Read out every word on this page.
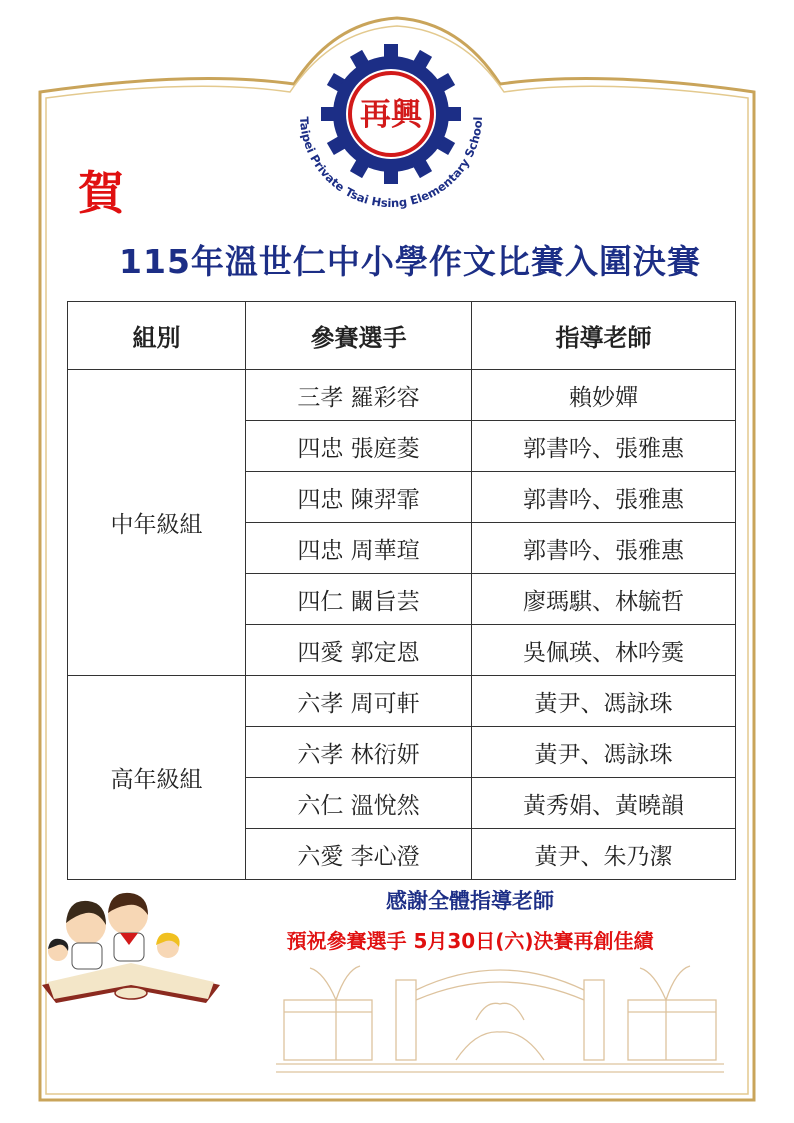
再興
Taipei Private Tsai Hsing Elementary School
賀
115年溫世仁中小學作文比賽入圍決賽
組別	參賽選手	指導老師
中年級組	三孝 羅彩容	賴妙嬋
	四忠 張庭菱	郭書吟、張雅惠
	四忠 陳羿霏	郭書吟、張雅惠
	四忠 周華瑄	郭書吟、張雅惠
	四仁 闞旨芸	廖瑪騏、林毓哲
	四愛 郭定恩	吳佩瑛、林吟霙
高年級組	六孝 周可軒	黃尹、馮詠珠
	六孝 林衍妍	黃尹、馮詠珠
	六仁 溫悅然	黃秀娟、黃曉韻
	六愛 李心澄	黃尹、朱乃潔
感謝全體指導老師
預祝參賽選手 5月30日(六)決賽再創佳績
